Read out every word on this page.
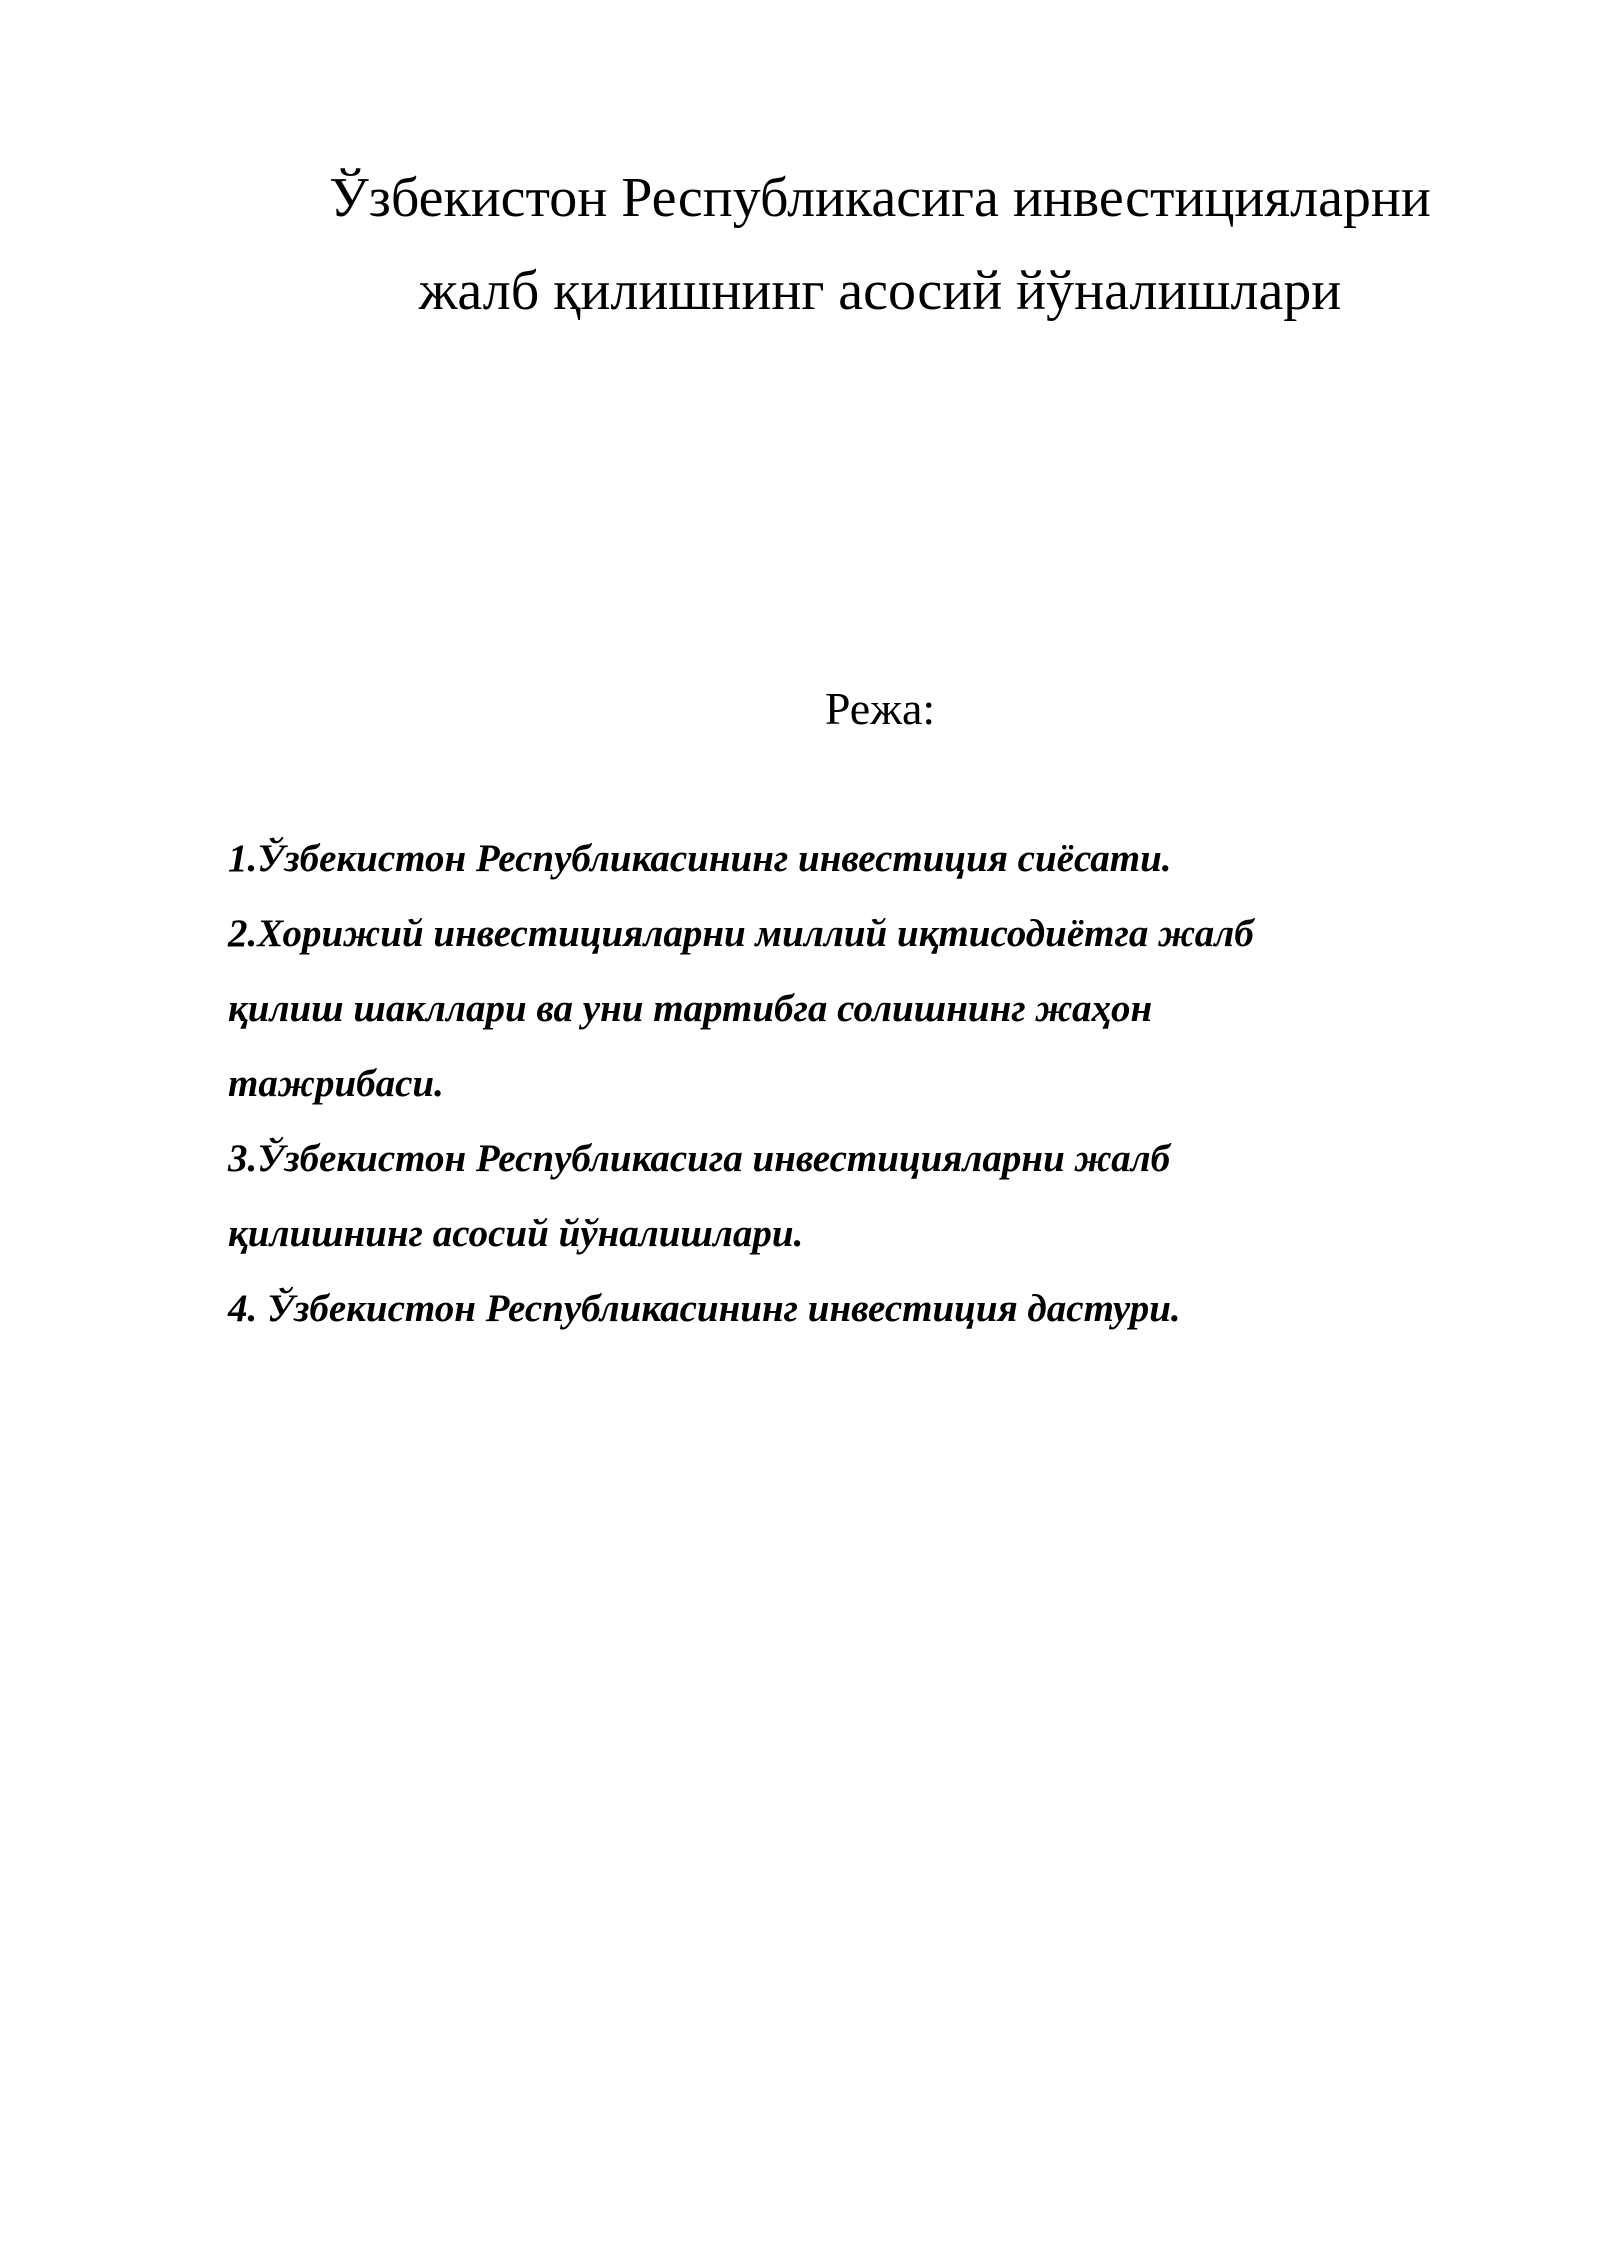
Ўзбекистон Республикасига инвестицияларни
жалб қилишнинг асосий йўналишлари
Режа:
1.Ўзбекистон Республикасининг инвестиция сиёсати.
2.Хорижий инвестицияларни миллий иқтисодиётга жалб
қилиш шакллари ва уни тартибга солишнинг жаҳон
тажрибаси.
3.Ўзбекистон Республикасига инвестицияларни жалб
қилишнинг асосий йўналишлари.
4. Ўзбекистон Республикасининг инвестиция дастури.
